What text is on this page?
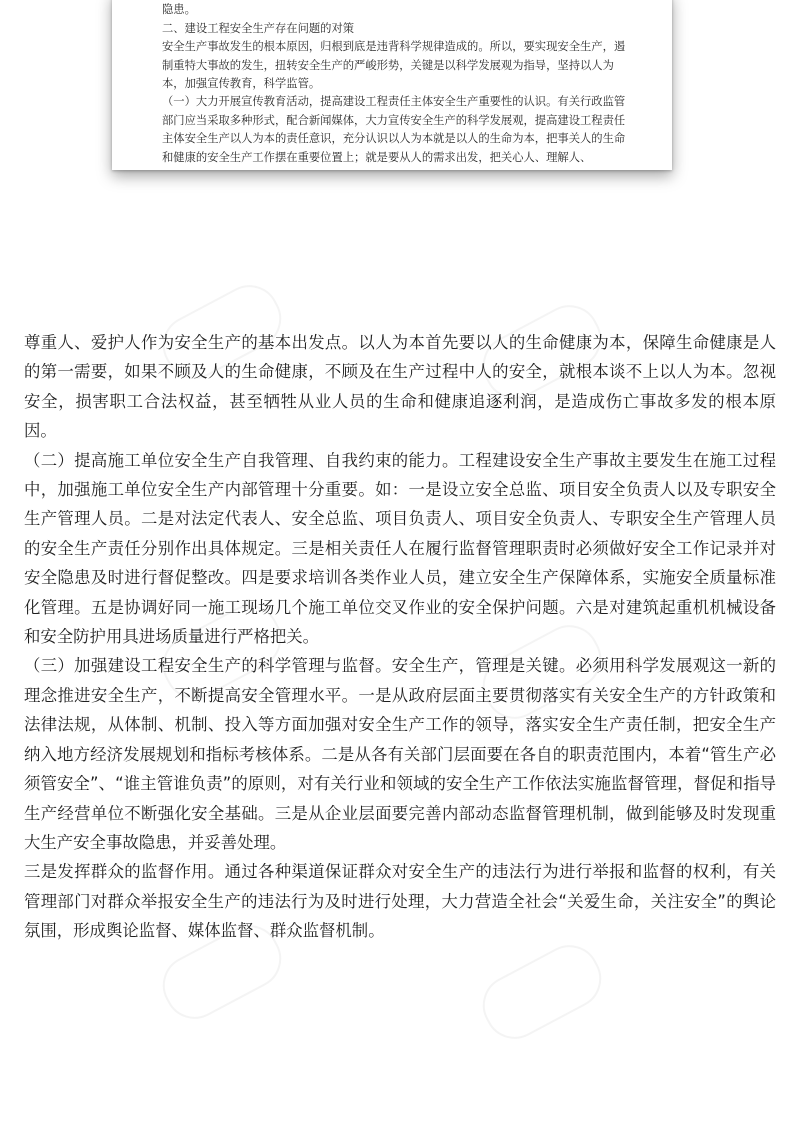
隐患。

二、建设工程安全生产存在问题的对策

安全生产事故发生的根本原因，归根到底是违背科学规律造成的。所以，要实现安全生产，遏制重特大事故的发生，扭转安全生产的严峻形势，关键是以科学发展观为指导，坚持以人为本，加强宣传教育，科学监管。

（一）大力开展宣传教育活动，提高建设工程责任主体安全生产重要性的认识。有关行政监管部门应当采取多种形式，配合新闻媒体，大力宣传安全生产的科学发展观，提高建设工程责任主体安全生产以人为本的责任意识，充分认识以人为本就是以人的生命为本，把事关人的生命和健康的安全生产工作摆在重要位置上；就是要从人的需求出发，把关心人、理解人、

尊重人、爱护人作为安全生产的基本出发点。以人为本首先要以人的生命健康为本，保障生命健康是人的第一需要，如果不顾及人的生命健康，不顾及在生产过程中人的安全，就根本谈不上以人为本。忽视安全，损害职工合法权益，甚至牺牲从业人员的生命和健康追逐利润，是造成伤亡事故多发的根本原因。

（二）提高施工单位安全生产自我管理、自我约束的能力。工程建设安全生产事故主要发生在施工过程中，加强施工单位安全生产内部管理十分重要。如：一是设立安全总监、项目安全负责人以及专职安全生产管理人员。二是对法定代表人、安全总监、项目负责人、项目安全负责人、专职安全生产管理人员的安全生产责任分别作出具体规定。三是相关责任人在履行监督管理职责时必须做好安全工作记录并对安全隐患及时进行督促整改。四是要求培训各类作业人员，建立安全生产保障体系，实施安全质量标准化管理。五是协调好同一施工现场几个施工单位交叉作业的安全保护问题。六是对建筑起重机机械设备和安全防护用具进场质量进行严格把关。

（三）加强建设工程安全生产的科学管理与监督。安全生产，管理是关键。必须用科学发展观这一新的理念推进安全生产，不断提高安全管理水平。一是从政府层面主要贯彻落实有关安全生产的方针政策和法律法规，从体制、机制、投入等方面加强对安全生产工作的领导，落实安全生产责任制，把安全生产纳入地方经济发展规划和指标考核体系。二是从各有关部门层面要在各自的职责范围内，本着“管生产必须管安全”、“谁主管谁负责”的原则，对有关行业和领域的安全生产工作依法实施监督管理，督促和指导生产经营单位不断强化安全基础。三是从企业层面要完善内部动态监督管理机制，做到能够及时发现重大生产安全事故隐患，并妥善处理。

三是发挥群众的监督作用。通过各种渠道保证群众对安全生产的违法行为进行举报和监督的权利，有关管理部门对群众举报安全生产的违法行为及时进行处理，大力营造全社会“关爱生命，关注安全”的舆论氛围，形成舆论监督、媒体监督、群众监督机制。
